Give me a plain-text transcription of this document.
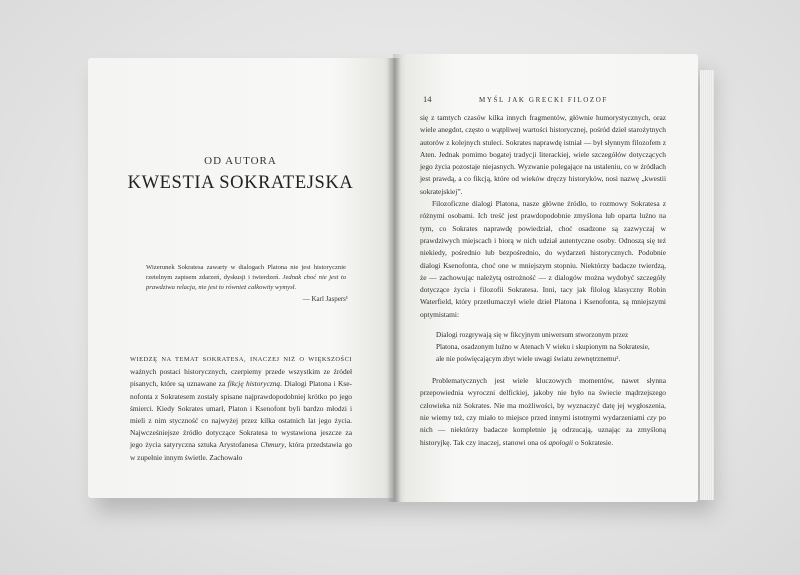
OD AUTORA
KWESTIA SOKRATEJSKA
Wizerunek Sokratesa zawarty w dialogach Platona nie jest historycznie rzetelnym zapisem zdarzeń, dyskusji i twierdzeń. Jednak choć nie jest to prawdziwa relacja, nie jest to również całkowity wymysł.
— Karl Jaspers¹
WIEDZĘ NA TEMAT SOKRATESA, INACZEJ NIŻ O WIĘKSZOŚCI ważnych postaci historycznych, czerpiemy przede wszystkim ze źródeł pisanych, które są uznawane za fikcję historyczną. Dialogi Platona i Ksenofonta z Sokratesem zostały spisane najprawdopodobniej krótko po jego śmierci. Kiedy Sokrates umarł, Platon i Ksenofont byli bardzo młodzi i mieli z nim styczność co najwyżej przez kilka ostatnich lat jego życia. Najwcześniejsze źródło dotyczące Sokratesa to wystawiona jeszcze za jego życia satyryczna sztuka Arystofanesa Chmury, która przedstawia go w zupełnie innym świetle. Zachowało
14	MYŚL JAK GRECKI FILOZOF

się z tamtych czasów kilka innych fragmentów, głównie humorystycznych, oraz wiele anegdot, często o wątpliwej wartości historycznej, pośród dzieł starożytnych autorów z kolejnych stuleci. Sokrates naprawdę istniał — był słynnym filozofem z Aten. Jednak pomimo bogatej tradycji literackiej, wiele szczegółów dotyczących jego życia pozostaje niejasnych. Wyzwanie polegające na ustaleniu, co w źródłach jest prawdą, a co fikcją, które od wieków dręczy historyków, nosi nazwę „kwestii sokratejskiej”.

Filozoficzne dialogi Platona, nasze główne źródło, to rozmowy Sokratesa z różnymi osobami. Ich treść jest prawdopodobnie zmyślona lub oparta luźno na tym, co Sokrates naprawdę powiedział, choć osadzone są zazwyczaj w prawdziwych miejscach i biorą w nich udział autentyczne osoby. Odnoszą się też niekiedy, pośrednio lub bezpośrednio, do wydarzeń historycznych. Podobnie dialogi Ksenofonta, choć one w mniejszym stopniu. Niektórzy badacze twierdzą, że — zachowując należytą ostrożność — z dialogów można wydobyć szczegóły dotyczące życia i filozofii Sokratesa. Inni, tacy jak filolog klasyczny Robin Waterfield, który przetłumaczył wiele dzieł Platona i Ksenofonta, są mniejszymi optymistami:

Dialogi rozgrywają się w fikcyjnym uniwersum stworzonym przez Platona, osadzonym luźno w Atenach V wieku i skupionym na Sokratesie, ale nie poświęcającym zbyt wiele uwagi światu zewnętrznemu².

Problematycznych jest wiele kluczowych momentów, nawet słynna przepowiednia wyroczni delfickiej, jakoby nie było na świecie mądrzejszego człowieka niż Sokrates. Nie ma możliwości, by wyznaczyć datę jej wygłoszenia, nie wiemy też, czy miało to miejsce przed innymi istotnymi wydarzeniami czy po nich — niektórzy badacze kompletnie ją odrzucają, uznając za zmyśloną historyjkę. Tak czy inaczej, stanowi ona oś apologii o Sokratesie.
